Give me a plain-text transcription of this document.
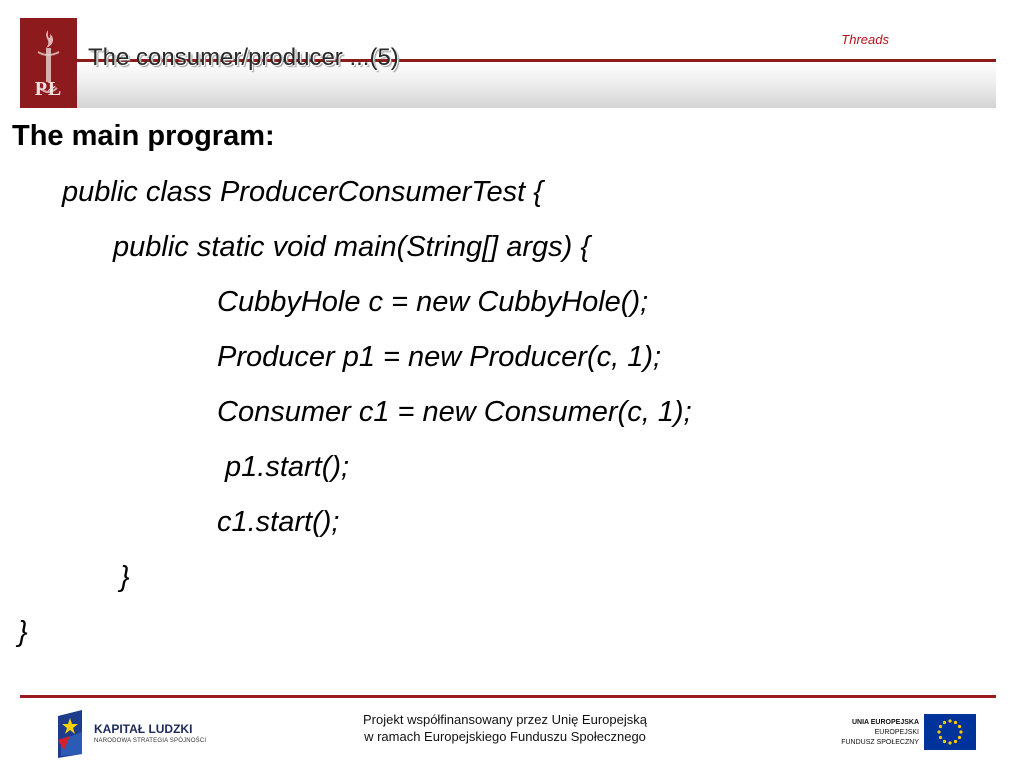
PŁ
The consumer/producer ...(5)
Threads
The main program:
public class ProducerConsumerTest {
public static void main(String[] args) {
CubbyHole c = new CubbyHole();
Producer p1 = new Producer(c, 1);
Consumer c1 = new Consumer(c, 1);
p1.start();
c1.start();
}
}
KAPITAŁ LUDZKI
NARODOWA STRATEGIA SPÓJNOŚCI
Projekt współfinansowany przez Unię Europejską
w ramach Europejskiego Funduszu Społecznego
UNIA EUROPEJSKA
EUROPEJSKI
FUNDUSZ SPOŁECZNY
